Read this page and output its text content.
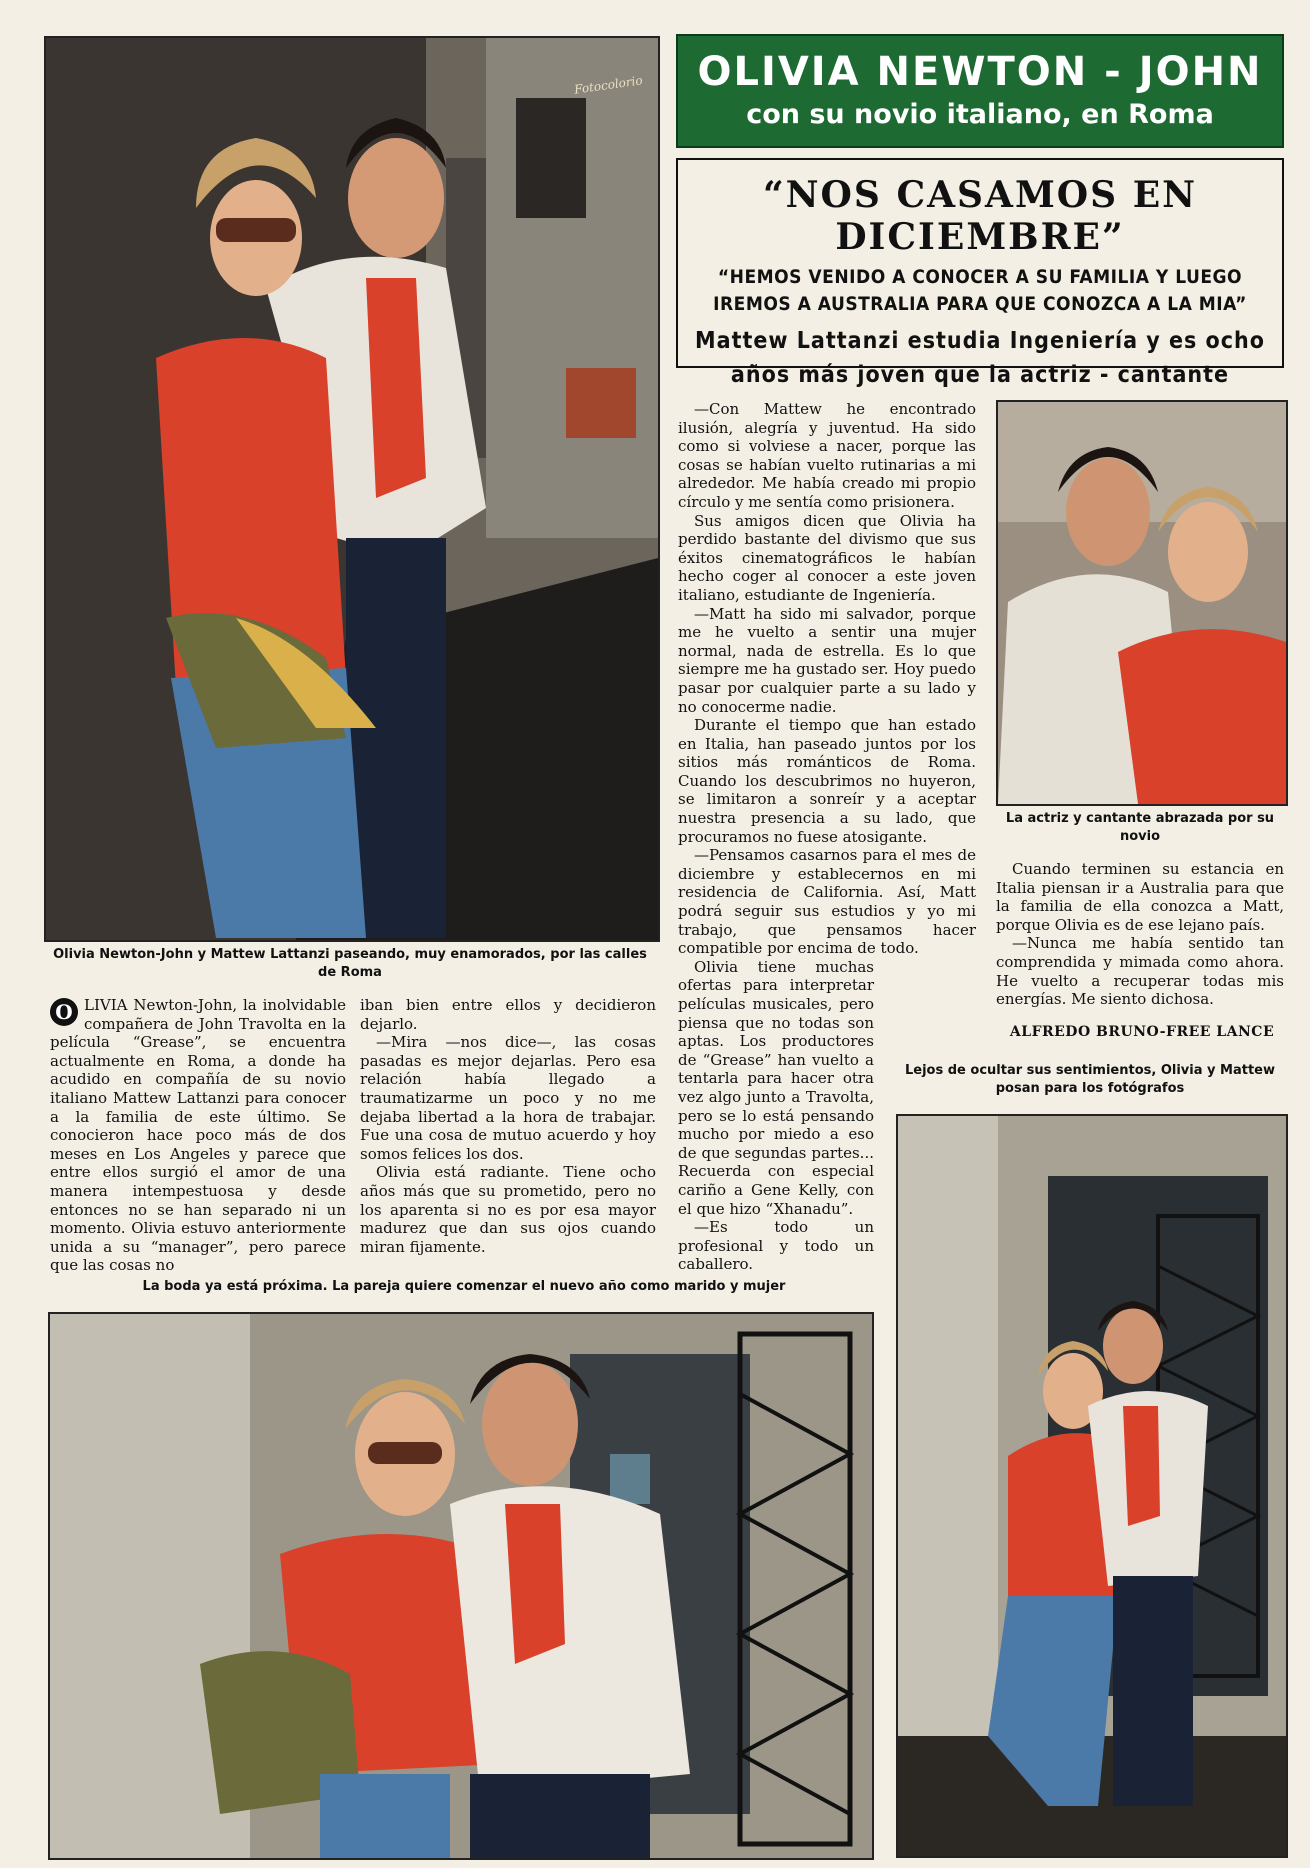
Fotocolorio
Olivia Newton-John y Mattew Lattanzi paseando, muy enamorados, por las calles de Roma
OLIVIA NEWTON - JOHN
con su novio italiano, en Roma
“NOS CASAMOS EN DICIEMBRE”
“HEMOS VENIDO A CONOCER A SU FAMILIA Y LUEGO
IREMOS A AUSTRALIA PARA QUE CONOZCA A LA MIA”
Mattew Lattanzi estudia Ingeniería y es ocho
años más joven que la actriz - cantante
La actriz y cantante abrazada por su novio

O LIVIA Newton-John, la inolvidable compañera de John Travolta en la película “Grease”, se encuentra actualmente en Roma, a donde ha acudido en compañía de su novio italiano Mattew Lattanzi para conocer a la familia de este último. Se conocieron hace poco más de dos meses en Los Angeles y parece que entre ellos surgió el amor de una manera intempestuosa y desde entonces no se han separado ni un momento. Olivia estuvo anteriormente unida a su “manager”, pero parece que las cosas no

iban bien entre ellos y decidieron dejarlo.

—Mira —nos dice—, las cosas pasadas es mejor dejarlas. Pero esa relación había llegado a traumatizarme un poco y no me dejaba libertad a la hora de trabajar. Fue una cosa de mutuo acuerdo y hoy somos felices los dos.

Olivia está radiante. Tiene ocho años más que su prometido, pero no los aparenta si no es por esa mayor madurez que dan sus ojos cuando miran fijamente.

—Con Mattew he encontrado ilusión, alegría y juventud. Ha sido como si volviese a nacer, porque las cosas se habían vuelto rutinarias a mi alrededor. Me había creado mi propio círculo y me sentía como prisionera.

Sus amigos dicen que Olivia ha perdido bastante del divismo que sus éxitos cinematográficos le habían hecho coger al conocer a este joven italiano, estudiante de Ingeniería.

—Matt ha sido mi salvador, porque me he vuelto a sentir una mujer normal, nada de estrella. Es lo que siempre me ha gustado ser. Hoy puedo pasar por cualquier parte a su lado y no conocerme nadie.

Durante el tiempo que han estado en Italia, han paseado juntos por los sitios más románticos de Roma. Cuando los descubrimos no huyeron, se limitaron a sonreír y a aceptar nuestra presencia a su lado, que procuramos no fuese atosigante.

—Pensamos casarnos para el mes de diciembre y establecernos en mi residencia de California. Así, Matt podrá seguir sus estudios y yo mi trabajo, que pensamos hacer compatible por encima de todo.

Olivia tiene muchas ofertas para interpretar películas musicales, pero piensa que no todas son aptas. Los productores de “Grease” han vuelto a tentarla para hacer otra vez algo junto a Travolta, pero se lo está pensando mucho por miedo a eso de que segundas partes... Recuerda con especial cariño a Gene Kelly, con el que hizo “Xhanadu”.

—Es todo un profesional y todo un caballero.

Cuando terminen su estancia en Italia piensan ir a Australia para que la familia de ella conozca a Matt, porque Olivia es de ese lejano país.

—Nunca me había sentido tan comprendida y mimada como ahora. He vuelto a recuperar todas mis energías. Me siento dichosa.

ALFREDO BRUNO-FREE LANCE
Lejos de ocultar sus sentimientos, Olivia y Mattew posan para los fotógrafos
La boda ya está próxima. La pareja quiere comenzar el nuevo año como marido y mujer
